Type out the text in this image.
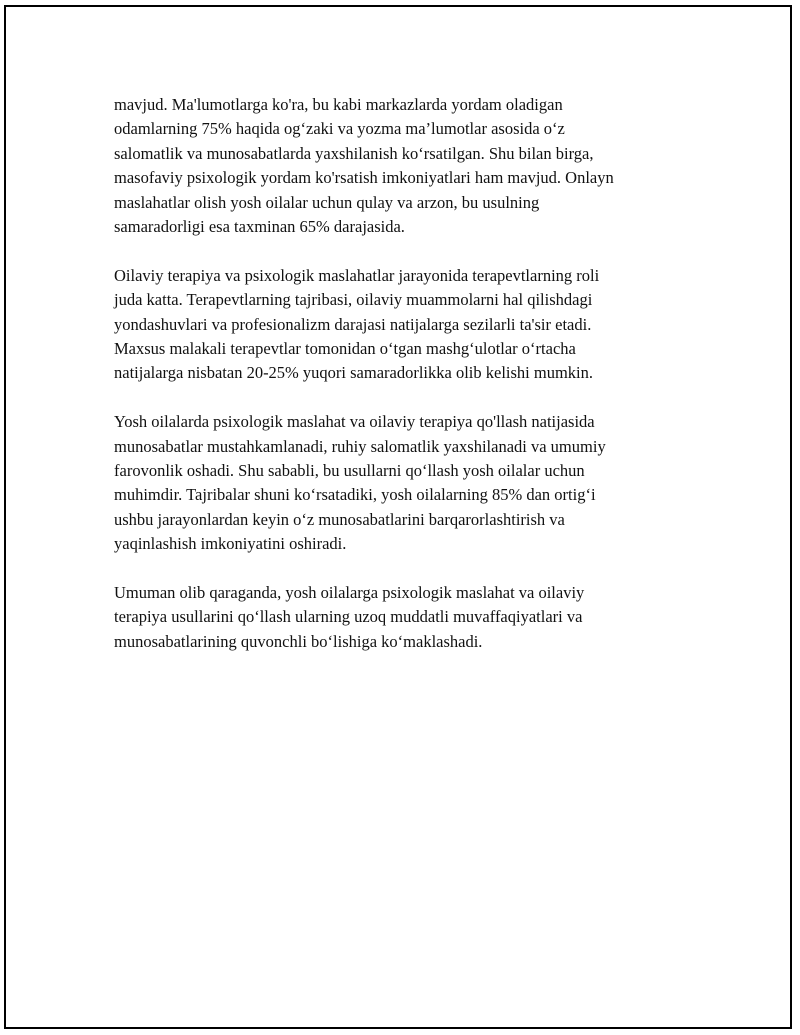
mavjud. Ma'lumotlarga ko'ra, bu kabi markazlarda yordam oladigan
odamlarning 75% haqida og‘zaki va yozma ma’lumotlar asosida o‘z
salomatlik va munosabatlarda yaxshilanish ko‘rsatilgan. Shu bilan birga,
masofaviy psixologik yordam ko'rsatish imkoniyatlari ham mavjud. Onlayn
maslahatlar olish yosh oilalar uchun qulay va arzon, bu usulning
samaradorligi esa taxminan 65% darajasida.

Oilaviy terapiya va psixologik maslahatlar jarayonida terapevtlarning roli
juda katta. Terapevtlarning tajribasi, oilaviy muammolarni hal qilishdagi
yondashuvlari va profesionalizm darajasi natijalarga sezilarli ta'sir etadi.
Maxsus malakali terapevtlar tomonidan o‘tgan mashg‘ulotlar o‘rtacha
natijalarga nisbatan 20-25% yuqori samaradorlikka olib kelishi mumkin.

Yosh oilalarda psixologik maslahat va oilaviy terapiya qo'llash natijasida
munosabatlar mustahkamlanadi, ruhiy salomatlik yaxshilanadi va umumiy
farovonlik oshadi. Shu sababli, bu usullarni qo‘llash yosh oilalar uchun
muhimdir. Tajribalar shuni ko‘rsatadiki, yosh oilalarning 85% dan ortig‘i
ushbu jarayonlardan keyin o‘z munosabatlarini barqarorlashtirish va
yaqinlashish imkoniyatini oshiradi.

Umuman olib qaraganda, yosh oilalarga psixologik maslahat va oilaviy
terapiya usullarini qo‘llash ularning uzoq muddatli muvaffaqiyatlari va
munosabatlarining quvonchli bo‘lishiga ko‘maklashadi.
